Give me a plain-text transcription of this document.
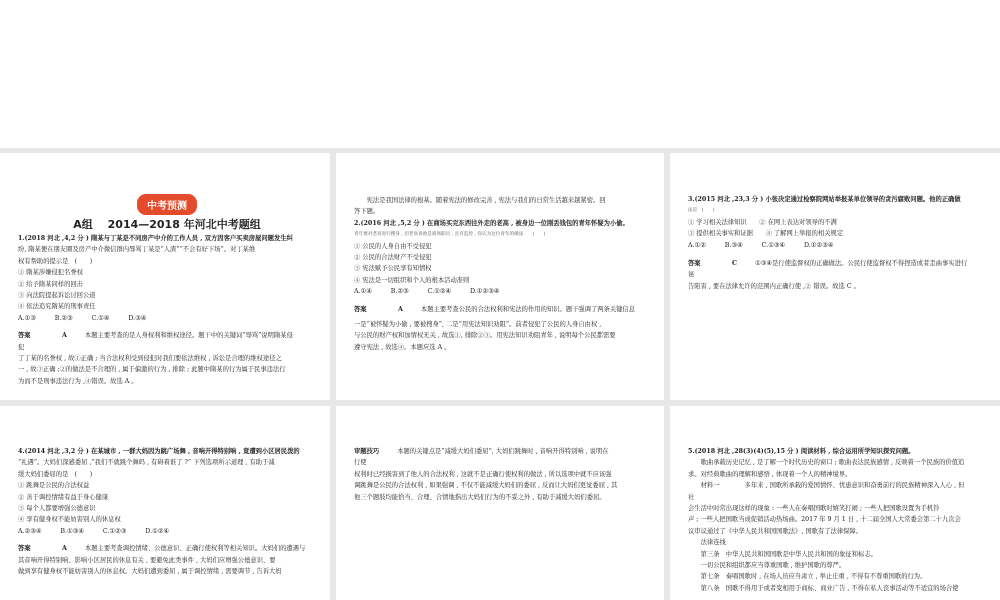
中考预测
A组　 2014—2018 年河北中考题组
1.(2018 河北 ,4,2 分 ) 隋某与丁某是不同房产中介的工作人员 , 双方因客户买卖房屋问题发生纠
纷, 隋某便在朋友圈及房产中介微信群内辱骂丁某是“人渣”“不会有好下场”。对丁某维
权有帮助的提示是　(　　)
① 隋某涉嫌侵犯名誉权
② 给予隋某同样的回击
③ 向法院提起诉讼讨回公道
④ 依法追究隋某的刑事责任
A.①③　　　B.②③　　　C.①④　　　D.③④
答案	A	本题主要考查的是人身权利和维权途径。题干中的关键词“辱骂”说明隋某侵
犯
了丁某的名誉权 , 故①正确 ; 当合法权利受到侵犯时我们要依法维权 , 诉讼是合理的维权途径之
一 , 故③正确 ;②的做法是不合理的 , 属于偏激的行为 , 排除 ; 此题中隋某的行为属于民事违法行
为而不是刑事违法行为 ,④错误。故选 A 。
　　宪法是我国法律的根基。随着宪法的修改完善 , 宪法与我们的日常生活越来越紧密。回
答下题。
2.(2016 河北 ,5,2 分 ) 在商场买完东西往外走的老高 , 被身边一位刚丢钱包的青年怀疑为小偷。
青年要对老高进行搜身 , 但老高说他是商场职员 , 且有监控 , 你认为这位青年的做法　　(　　)
① 公民的人身自由不受侵犯
② 公民的合法财产不受侵犯
③ 宪法赋予公民享有知情权
④ 宪法是一切组织和个人的根本活动准则
A.①④　　　B.②③　　　C.①②④　　　D.①②③④
答案	A	本题主要考查公民的合法权利和宪法的作用的知识。题干强调了两条关键信息
一是“被怀疑为小偷 , 要被搜身”, 二是“用宪法知识劝阻”。前者侵犯了公民的人身自由权 ,
与公民的财产权和加情权无关 , 故选①, 排除②③。用宪法知识劝阻青年 , 说明每个公民都需要
遵守宪法 , 故选④。本题应选 A 。
3.(2015 河北 ,23,3 分 ) 小张决定通过检察院网站举报某单位领导的贪污腐败问题。他的正确做
法是　(　　)
① 学习相关法律知识　　② 在网上表达对领导的不满
③ 提供相关事实和证据　　④ 了解网上举报的相关规定
A.①②　　　B.③④　　　C.①③④　　　D.①②③④
答案	C	①③④是行使监督权的正确做法。公民行使监督权不得捏造或者歪曲事实进行
诬
告陷害 , 要在法律允许的范围内正确行使 ,② 错误。故选 C 。
4.(2014 河北 ,3,2 分 ) 在某城市 , 一群大妈因为跳广场舞 , 音响开得特别响 , 竟遭到小区居民泼的
“礼遇”。大妈们深感委屈 ,“我们不就跳个舞吗 , 有碍着谁了 ?” 下列选项所示道理 , 有助于减
缓大妈们委屈的是　(　　)
① 跳舞是公民的合法权益
② 善于调控情绪有益于身心健康
③ 每个人都要增强公德意识
④ 享有健身权不能妨害别人的休息权
A.②③④　　　B.①③④　　　C.①②③　　　D.①②④
答案	A	本题主要考查调控情绪、公德意识、正确行使权利等相关知识。大妈们的遭遇与
其音响开得特别响、影响小区居民的休息有关 , 要避免此类事件 , 大妈们应增强公德意识、要
做到享有健身权不能妨害别人的休息权。大妈们遭到委屈 , 属于调控情绪 , 需要调节 , 告诉大妈
审题技巧	本题的关键点是“减缓大妈们委屈”, 大妈们跳舞时 , 音响开得特别响 , 说明在
行使
权利时已经损害到了他人的合法权利 , 这就不是正确行使权利的做法 , 所以选项中就不应该强
调跳舞是公民的合法权利 , 如果强调 , 不仅不能减缓大妈们的委屈 , 反而让大妈们更觉委屈 , 其
他三个题肢均能恰当、合理、合情地指出大妈们行为的不妥之外 , 有助于减缓大妈们委屈。
5.(2018 河北 ,28(3)(4)(5),15 分 ) 阅读材料 , 综合运用所学知识探究问题。
　　歌曲承载历史记忆 , 是了解一个时代历史的窗口 ; 歌曲表达民族感情 , 反映着一个民族的价值追
求。对经典歌曲的理解和感悟 , 体现着一个人的精神境界。
　　材料一　　　　多年来 , 国歌所承载的爱国情怀、忧患意识和奋勇前行的民族精神深入人心 , 但
社
会生活中时常出现这样的现象 : 一些人在奏唱国歌时嬉笑打闹 ; 一些人把国歌设置为手机铃
声 ; 一些人把国歌当成促销活动热场曲。2017 年 9 月 1 日 , 十二届全国人大常委会第二十九次会
议审议通过了《中华人民共和国国歌法》, 国歌有了法律保障。
　　法律连线
　　第三条　中华人民共和国国歌是中华人民共和国的象征和标志。
　　一切公民和组织都应当尊重国歌 , 维护国歌的尊严。
　　第七条　奏唱国歌时 , 在场人员应当肃立 , 举止庄重 , 不得有不尊重国歌的行为。
　　第八条　国歌不得用于或者变相用于商标、商业广告 , 不得在私人丧事活动等不适宜的场合使
